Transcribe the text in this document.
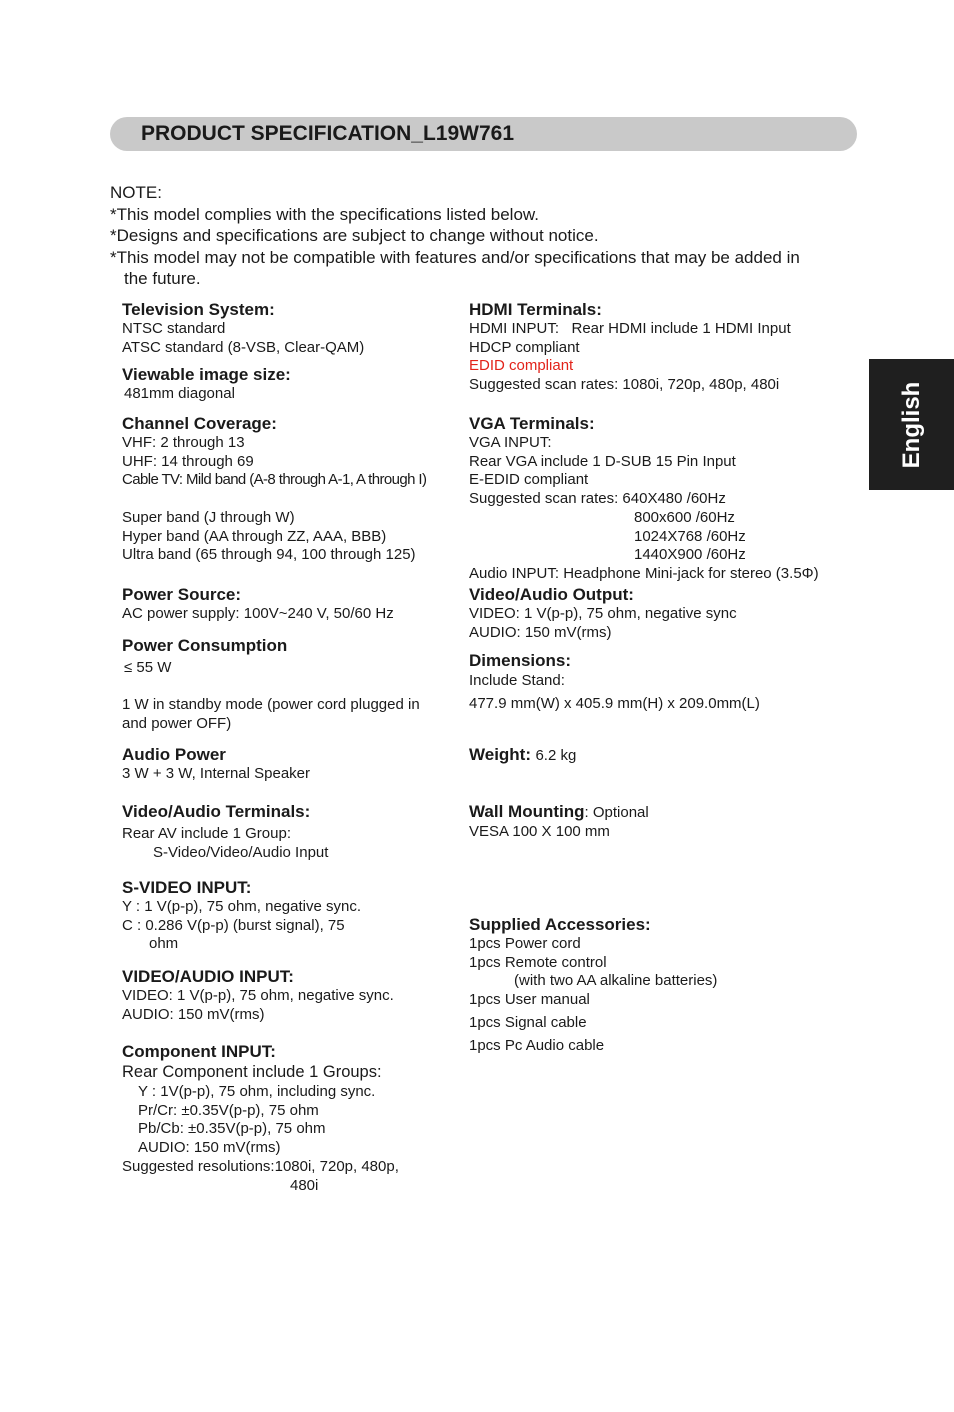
PRODUCT SPECIFICATION_L19W761
English
NOTE:
*This model complies with the specifications listed below.
*Designs and specifications are subject to change without notice.
*This model may not be compatible with features and/or specifications that may be added in
the future.
Television System:
NTSC standard
ATSC standard (8-VSB, Clear-QAM)
Viewable image size:
481mm diagonal
Channel Coverage:
VHF: 2 through 13
UHF: 14 through 69
Cable TV: Mild band (A-8 through A-1, A through I)

Super band (J through W)
Hyper band (AA through ZZ, AAA, BBB)
Ultra band (65 through 94, 100 through 125)
Power Source:
AC power supply: 100V~240 V, 50/60 Hz
Power Consumption
≤ 55 W

1 W in standby mode (power cord plugged in
and power OFF)
Audio Power
3 W + 3 W, Internal Speaker
Video/Audio Terminals:
Rear AV include 1 Group:
S-Video/Video/Audio Input
S-VIDEO INPUT:
Y : 1 V(p-p), 75 ohm, negative sync.
C : 0.286 V(p-p) (burst signal), 75
ohm
VIDEO/AUDIO INPUT:
VIDEO: 1 V(p-p), 75 ohm, negative sync.
AUDIO: 150 mV(rms)
Component INPUT:
Rear Component include 1 Groups:
Y : 1V(p-p), 75 ohm, including sync.
Pr/Cr: ±0.35V(p-p), 75 ohm
Pb/Cb: ±0.35V(p-p), 75 ohm
AUDIO: 150 mV(rms)
Suggested resolutions:1080i, 720p, 480p,
480i
HDMI Terminals:
HDMI INPUT:   Rear HDMI include 1 HDMI Input
HDCP compliant
EDID compliant
Suggested scan rates: 1080i, 720p, 480p, 480i
VGA Terminals:
VGA INPUT:
Rear VGA include 1 D-SUB 15 Pin Input
E-EDID compliant
Suggested scan rates: 640X480 /60Hz
800x600 /60Hz
1024X768 /60Hz
1440X900 /60Hz
Audio INPUT: Headphone Mini-jack for stereo (3.5Φ)
Video/Audio Output:
VIDEO: 1 V(p-p), 75 ohm, negative sync
AUDIO: 150 mV(rms)
Dimensions:
Include Stand:
477.9 mm(W) x 405.9 mm(H) x 209.0mm(L)
Weight: 6.2 kg
Wall Mounting: Optional
VESA 100 X 100 mm
Supplied Accessories:
1pcs Power cord
1pcs Remote control
(with two AA alkaline batteries)
1pcs User manual
1pcs Signal cable
1pcs Pc Audio cable
